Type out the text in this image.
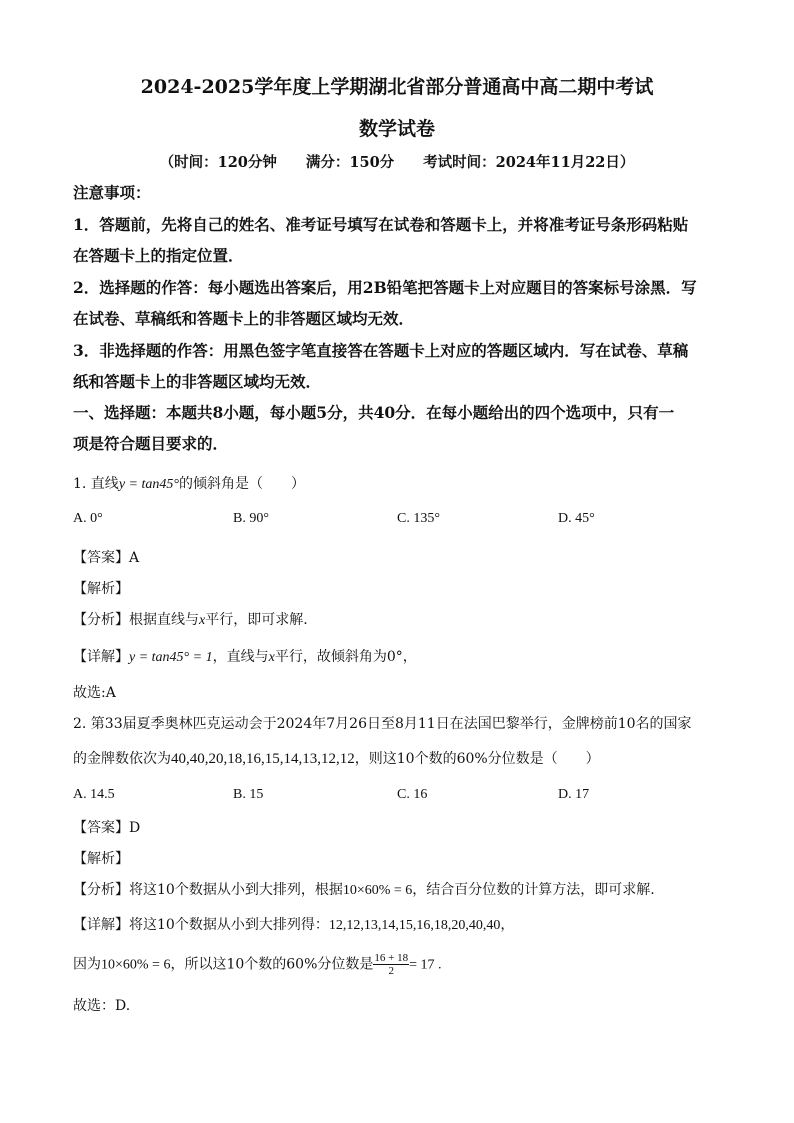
2024-2025学年度上学期湖北省部分普通高中高二期中考试
数学试卷
（时间：120分钟　　满分：150分　　考试时间：2024年11月22日）
注意事项：
1．答题前，先将自己的姓名、准考证号填写在试卷和答题卡上，并将准考证号条形码粘贴
在答题卡上的指定位置．
2．选择题的作答：每小题选出答案后，用2B铅笔把答题卡上对应题目的答案标号涂黑．写
在试卷、草稿纸和答题卡上的非答题区域均无效．
3．非选择题的作答：用黑色签字笔直接答在答题卡上对应的答题区域内．写在试卷、草稿
纸和答题卡上的非答题区域均无效．
一、选择题：本题共8小题，每小题5分，共40分．在每小题给出的四个选项中，只有一
项是符合题目要求的．
1. 直线y = tan45°的倾斜角是（　　）
A. 0°	B. 90°	C. 135°	D. 45°
【答案】A
【解析】
【分析】根据直线与x平行，即可求解.
【详解】y = tan45° = 1，直线与x平行，故倾斜角为0°，
故选:A
2. 第33届夏季奥林匹克运动会于2024年7月26日至8月11日在法国巴黎举行，金牌榜前10名的国家
的金牌数依次为40,40,20,18,16,15,14,13,12,12，则这10个数的60%分位数是（　　）
A. 14.5	B. 15	C. 16	D. 17
【答案】D
【解析】
【分析】将这10个数据从小到大排列，根据10×60% = 6，结合百分位数的计算方法，即可求解.
【详解】将这10个数据从小到大排列得：12,12,13,14,15,16,18,20,40,40，
因为10×60% = 6，所以这10个数的60%分位数是 $\frac{16 + 18}{2} = 17$ .
故选：D.
